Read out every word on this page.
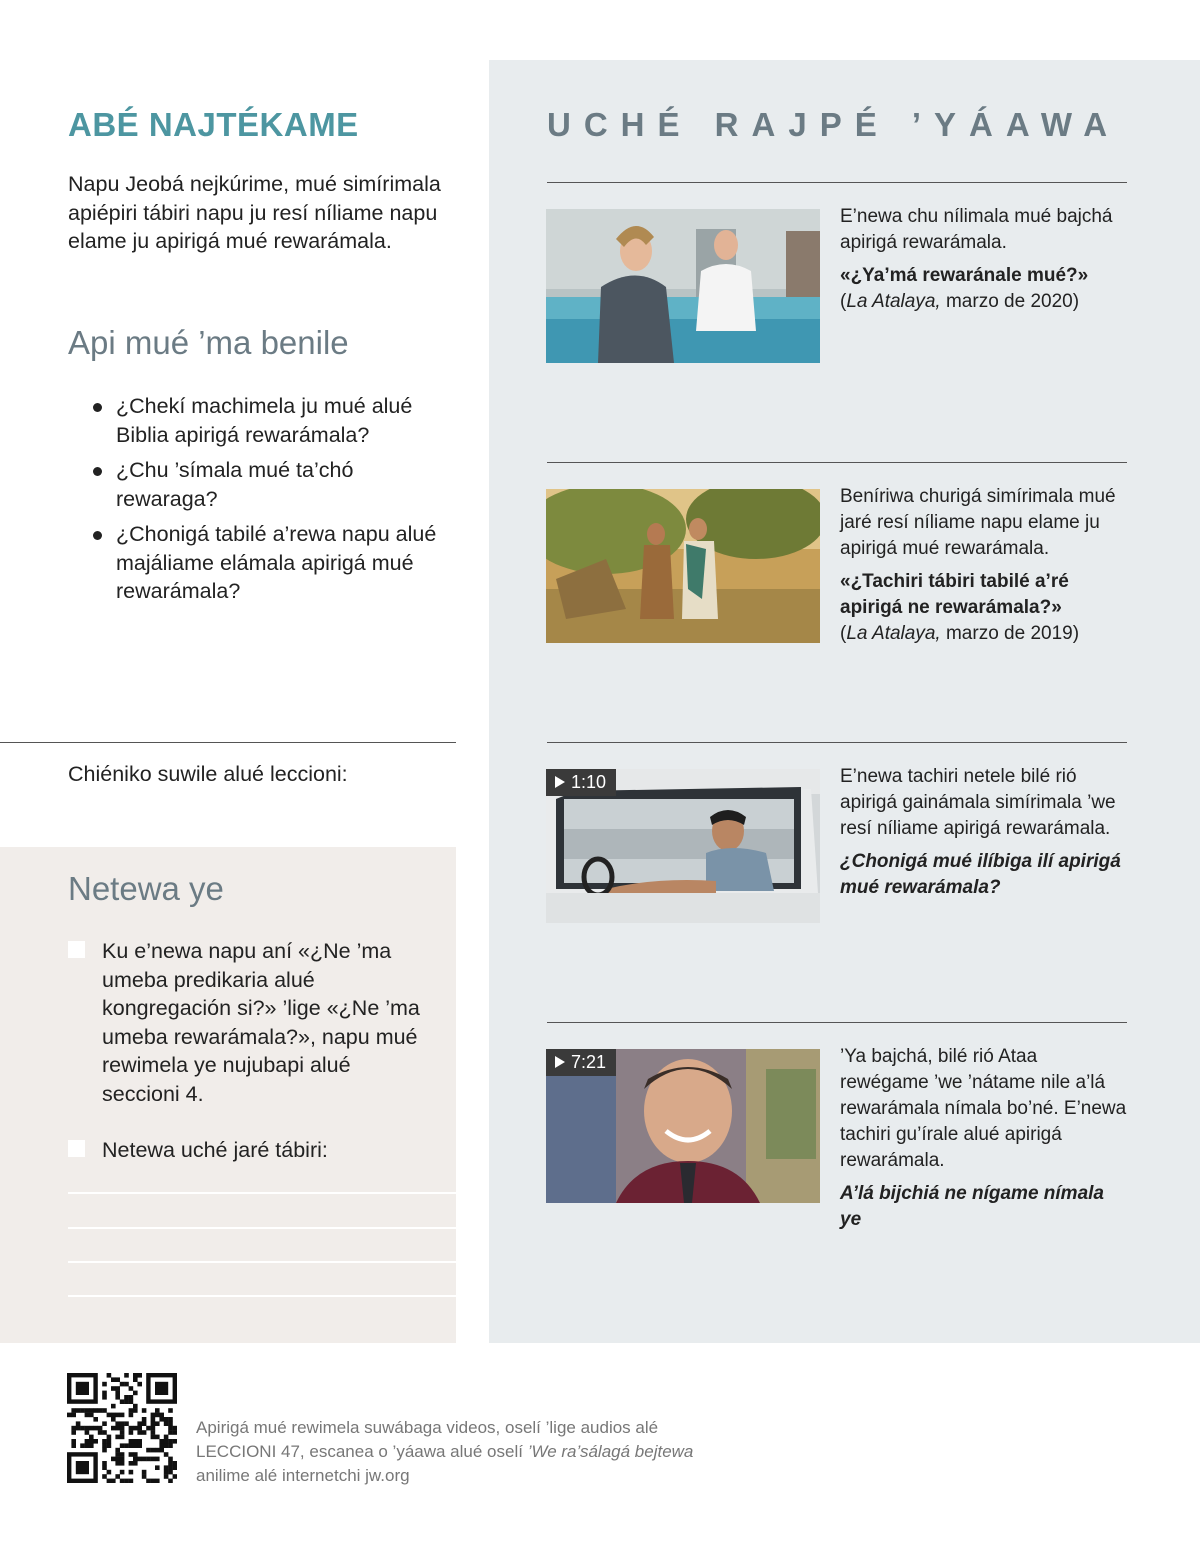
ABÉ NAJTÉKAME

Napu Jeobá nejkúrime, mué simírimala apiépiri tábiri napu ju resí níliame napu elame ju apirigá mué rewarámala.

Api mué ’ma benile
¿Chekí machimela ju mué alué Biblia apirigá rewarámala?
¿Chu ’símala mué ta’chó rewaraga?
¿Chonigá tabilé a’rewa napu alué majáliame elámala apirigá mué rewarámala?

Chiéniko suwile alué leccioni:

Netewa ye
Ku e’newa napu aní «¿Ne ’ma umeba predikaria alué kongregación si?» ’lige «¿Ne ’ma umeba rewarámala?», napu mué rewimela ye nujubapi alué seccioni 4.
Netewa uché jaré tábiri:
UCHÉ RAJPÉ ’YÁAWA

E’newa chu nílimala mué bajchá apirigá rewarámala.

«¿Ya’má rewaránale mué?»

(La Atalaya, marzo de 2020)

Beníriwa churigá simírimala mué jaré resí níliame napu elame ju apirigá mué rewarámala.

«¿Tachiri tábiri tabilé a’ré apirigá ne rewarámala?»

(La Atalaya, marzo de 2019)

1:10	E’newa tachiri netele bilé rió apirigá gainámala simírimala ’we resí níliame apirigá rewarámala.

¿Chonigá mué ilíbiga ilí apirigá mué rewarámala?

7:21	’Ya bajchá, bilé rió Ataa rewégame ’we ’nátame nile a’lá rewarámala nímala bo’né. E’newa tachiri gu’írale alué apirigá rewarámala.

A’lá bijchiá ne nígame nímala ye

Apirigá mué rewimela suwábaga videos, oselí ’lige audios alé LECCIONI 47, escanea o ’yáawa alué oselí ’We ra’sálagá bejtewa anilime alé internetchi jw.org
